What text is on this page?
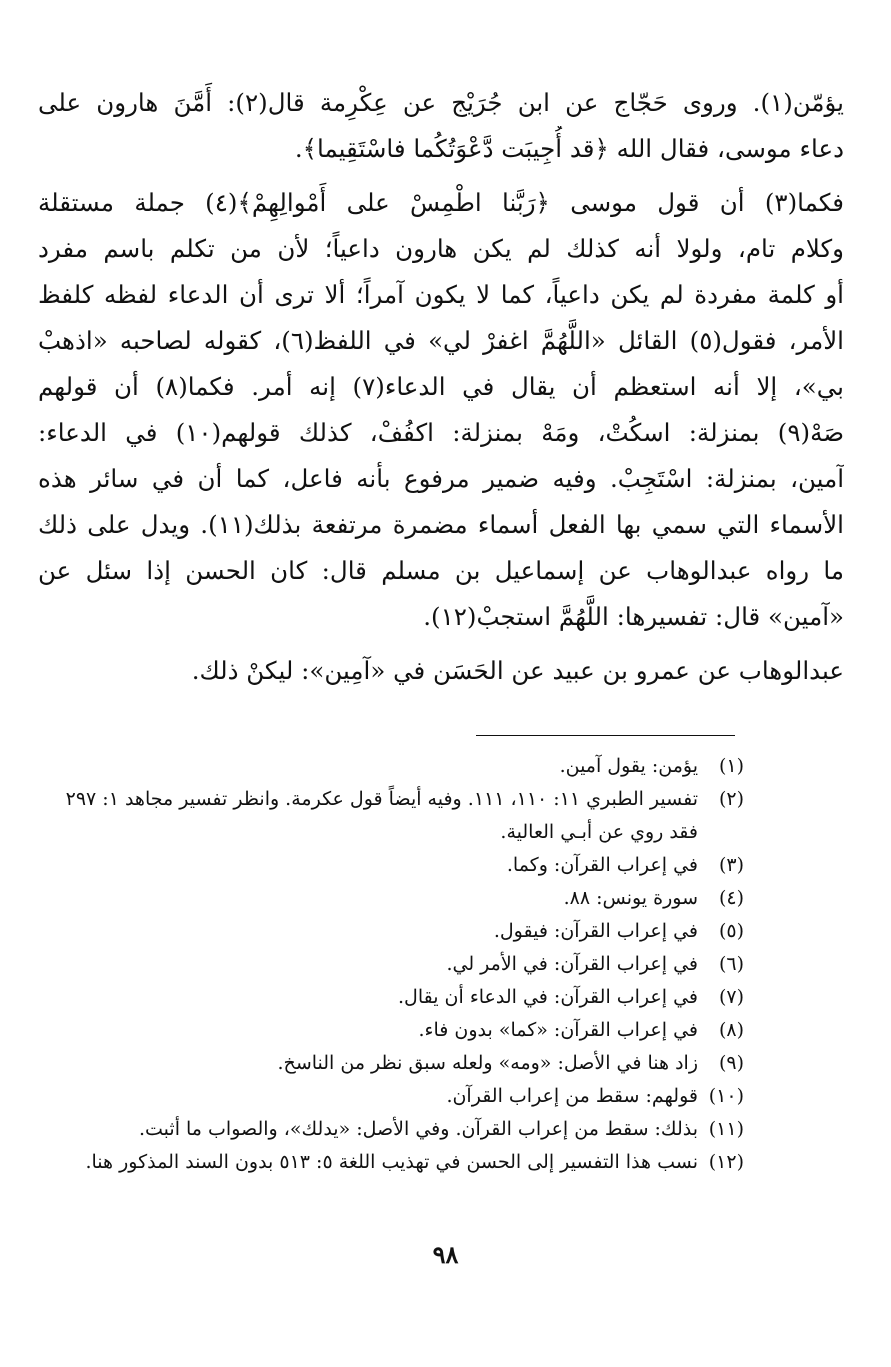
يؤمّن(١). وروى حَجّاج عن ابن جُرَيْج عن عِكْرِمة قال(٢): أَمَّنَ هارون على
دعاء موسى، فقال الله ﴿قد أُجِيبَت دَّعْوَتُكُما فاسْتَقِيما﴾.

فكما(٣) أن قول موسى ﴿رَبَّنا اطْمِسْ على أَمْوالِهِمْ﴾(٤) جملة مستقلة
وكلام تام، ولولا أنه كذلك لم يكن هارون داعياً؛ لأن من تكلم باسم مفرد
أو كلمة مفردة لم يكن داعياً، كما لا يكون آمراً؛ ألا ترى أن الدعاء لفظه كلفظ
الأمر، فقول(٥) القائل «اللَّهُمَّ اغفرْ لي» في اللفظ(٦)، كقوله لصاحبه «اذهبْ
بي»، إلا أنه استعظم أن يقال في الدعاء(٧) إنه أمر. فكما(٨) أن قولهم
صَهْ(٩) بمنزلة: اسكُتْ، ومَهْ بمنزلة: اكفُفْ، كذلك قولهم(١٠) في الدعاء:
آمين، بمنزلة: اسْتَجِبْ. وفيه ضمير مرفوع بأنه فاعل، كما أن في سائر هذه
الأسماء التي سمي بها الفعل أسماء مضمرة مرتفعة بذلك(١١). ويدل على ذلك
ما رواه عبدالوهاب عن إسماعيل بن مسلم قال: كان الحسن إذا سئل عن
«آمين» قال: تفسيرها: اللَّهُمَّ استجبْ(١٢).

عبدالوهاب عن عمرو بن عبيد عن الحَسَن في «آمِين»: ليكنْ ذلك.

(١)
يؤمن: يقول آمين.
(٢)
تفسير الطبري ١١: ١١٠، ١١١. وفيه أيضاً قول عكرمة. وانظر تفسير مجاهد ١: ٢٩٧
فقد روي عن أبـي العالية.
(٣)
في إعراب القرآن: وكما.
(٤)
سورة يونس: ٨٨.
(٥)
في إعراب القرآن: فيقول.
(٦)
في إعراب القرآن: في الأمر لي.
(٧)
في إعراب القرآن: في الدعاء أن يقال.
(٨)
في إعراب القرآن: «كما» بدون فاء.
(٩)
زاد هنا في الأصل: «ومه» ولعله سبق نظر من الناسخ.
(١٠)
قولهم: سقط من إعراب القرآن.
(١١)
بذلك: سقط من إعراب القرآن. وفي الأصل: «يدلك»، والصواب ما أثبت.
(١٢)
نسب هذا التفسير إلى الحسن في تهذيب اللغة ٥: ٥١٣ بدون السند المذكور هنا.
٩٨
